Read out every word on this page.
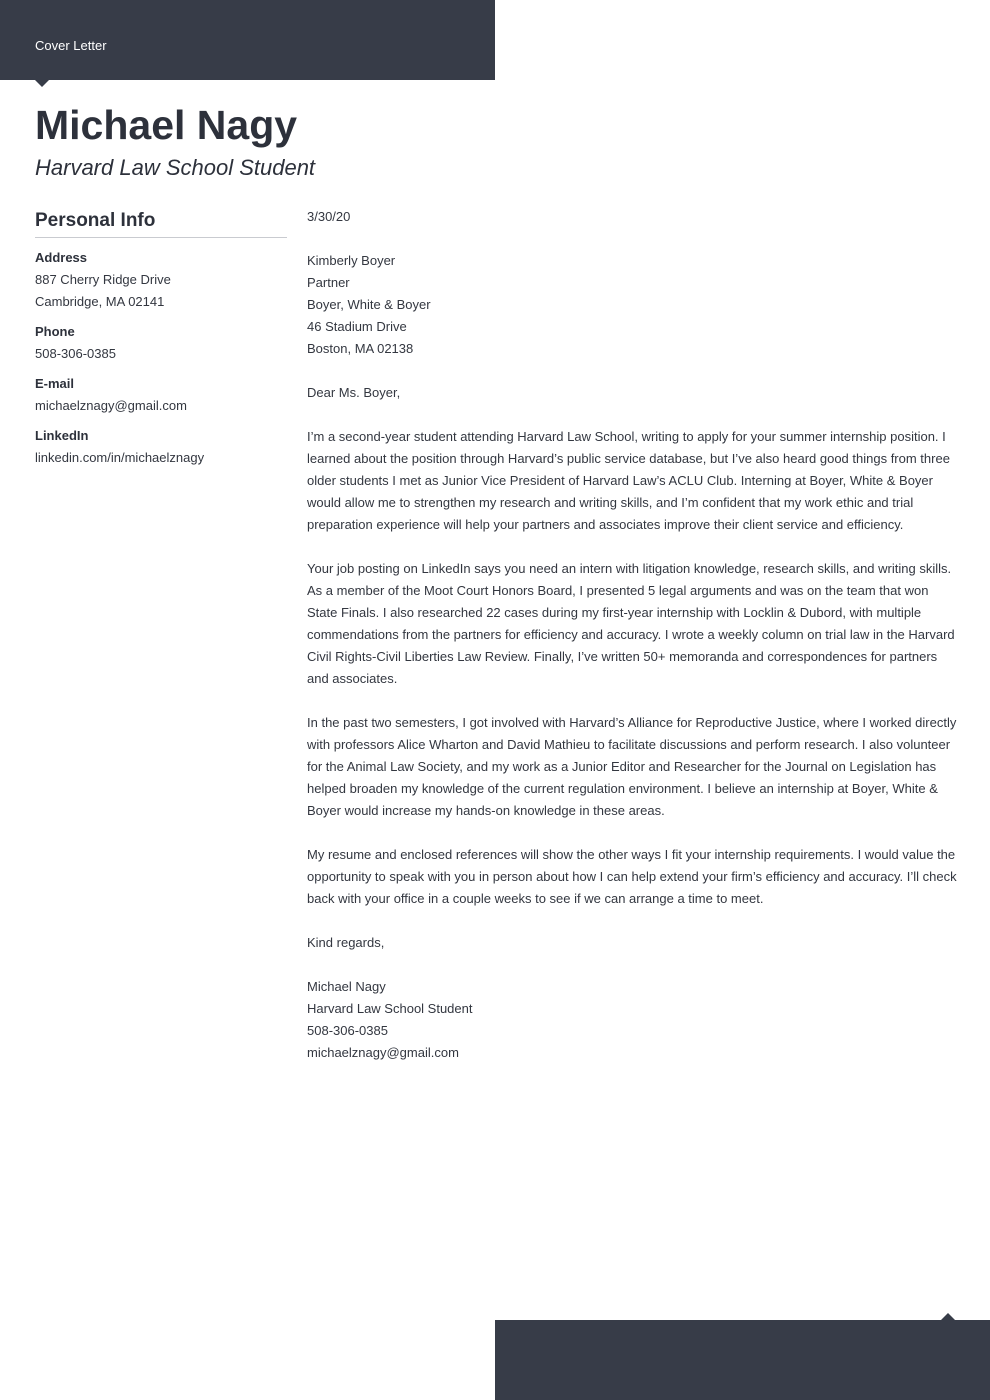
Cover Letter
Michael Nagy
Harvard Law School Student
Personal Info
Address
887 Cherry Ridge Drive
Cambridge, MA 02141
Phone
508-306-0385
E-mail
michaelznagy@gmail.com
LinkedIn
linkedin.com/in/michaelznagy
3/30/20
Kimberly Boyer
Partner
Boyer, White & Boyer
46 Stadium Drive
Boston, MA 02138
Dear Ms. Boyer,

I’m a second-year student attending Harvard Law School, writing to apply for your summer internship position. I learned about the position through Harvard’s public service database, but I’ve also heard good things from three older students I met as Junior Vice President of Harvard Law’s ACLU Club. Interning at Boyer, White & Boyer would allow me to strengthen my research and writing skills, and I’m confident that my work ethic and trial preparation experience will help your partners and associates improve their client service and efficiency.

Your job posting on LinkedIn says you need an intern with litigation knowledge, research skills, and writing skills. As a member of the Moot Court Honors Board, I presented 5 legal arguments and was on the team that won State Finals. I also researched 22 cases during my first-year internship with Locklin & Dubord, with multiple commendations from the partners for efficiency and accuracy. I wrote a weekly column on trial law in the Harvard Civil Rights-Civil Liberties Law Review. Finally, I’ve written 50+ memoranda and correspondences for partners and associates.

In the past two semesters, I got involved with Harvard’s Alliance for Reproductive Justice, where I worked directly with professors Alice Wharton and David Mathieu to facilitate discussions and perform research. I also volunteer for the Animal Law Society, and my work as a Junior Editor and Researcher for the Journal on Legislation has helped broaden my knowledge of the current regulation environment. I believe an internship at Boyer, White & Boyer would increase my hands-on knowledge in these areas.

My resume and enclosed references will show the other ways I fit your internship requirements. I would value the opportunity to speak with you in person about how I can help extend your firm’s efficiency and accuracy. I’ll check back with your office in a couple weeks to see if we can arrange a time to meet.

Kind regards,
Michael Nagy
Harvard Law School Student
508-306-0385
michaelznagy@gmail.com
